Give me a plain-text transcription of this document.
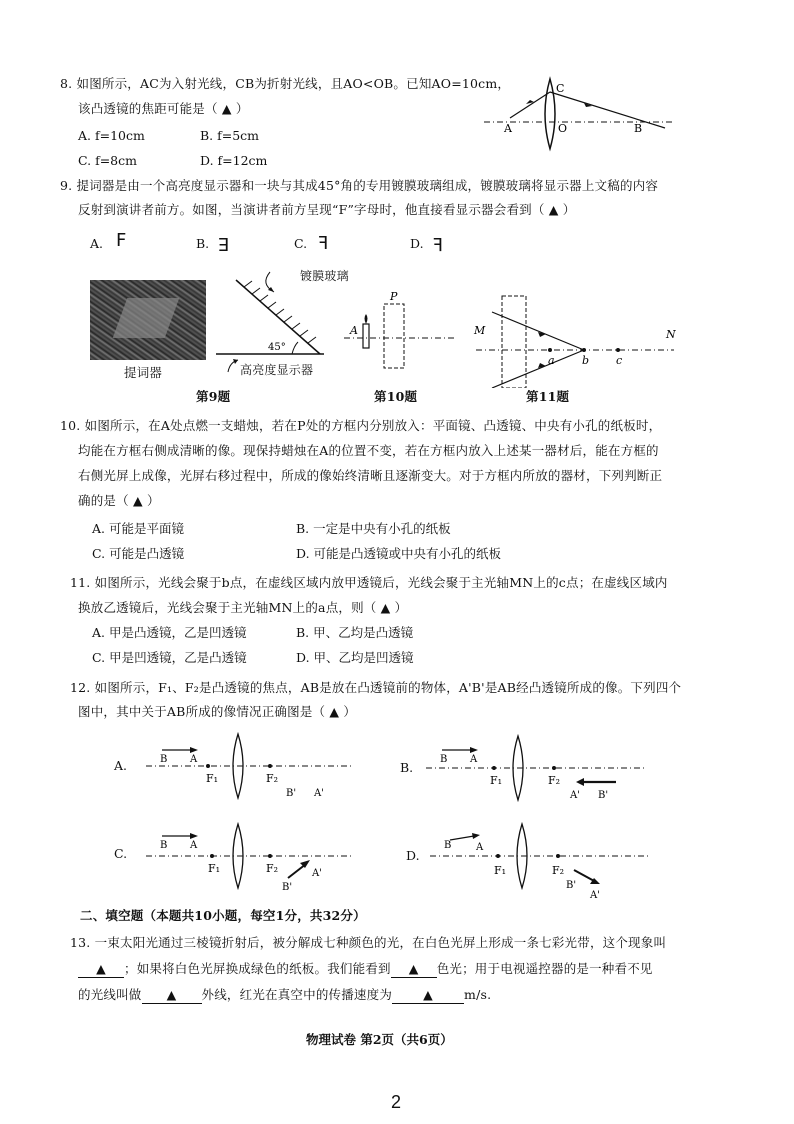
8. 如图所示，AC为入射光线，CB为折射光线，且AO<OB。已知AO=10cm，
该凸透镜的焦距可能是（ ▲ ）
A. f=10cm	B. f=5cm
C. f=8cm	D. f=12cm
A
C
O	B
9. 提词器是由一个高亮度显示器和一块与其成45°角的专用镀膜玻璃组成，镀膜玻璃将显示器上文稿的内容
反射到演讲者前方。如图，当演讲者前方呈现“F”字母时，他直接看显示器会看到（ ▲ ）
A. F	B. E	C. F	D. Ⅎ
提词器
45°
镀膜玻璃
高亮度显示器
第9题
A
P
第10题
M	N
a b c
第11题
10. 如图所示，在A处点燃一支蜡烛，若在P处的方框内分别放入：平面镜、凸透镜、中央有小孔的纸板时，
均能在方框右侧成清晰的像。现保持蜡烛在A的位置不变，若在方框内放入上述某一器材后，能在方框的
右侧光屏上成像，光屏右移过程中，所成的像始终清晰且逐渐变大。对于方框内所放的器材，下列判断正
确的是（ ▲ ）
A. 可能是平面镜	B. 一定是中央有小孔的纸板
C. 可能是凸透镜	D. 可能是凸透镜或中央有小孔的纸板
11. 如图所示，光线会聚于b点，在虚线区域内放甲透镜后，光线会聚于主光轴MN上的c点；在虚线区域内
换放乙透镜后，光线会聚于主光轴MN上的a点，则（ ▲ ）
A. 甲是凸透镜，乙是凹透镜	B. 甲、乙均是凸透镜
C. 甲是凹透镜，乙是凸透镜	D. 甲、乙均是凹透镜
12. 如图所示，F₁、F₂是凸透镜的焦点，AB是放在凸透镜前的物体，A'B'是AB经凸透镜所成的像。下列四个
图中，其中关于AB所成的像情况正确图是（ ▲ ）
A.	B A
F₁	F₂
B' A'
B.
B A
F₁	F₂
A' B'
C.
B A
F₁	F₂
B'
A'
D.
B A
F₁	F₂
B'
A'
二、填空题（本题共10小题，每空1分，共32分）
13. 一束太阳光通过三棱镜折射后，被分解成七种颜色的光，在白色光屏上形成一条七彩光带，这个现象叫
▲ ；如果将白色光屏换成绿色的纸板。我们能看到 ▲ 色光；用于电视遥控器的是一种看不见
的光线叫做 ▲ 外线，红光在真空中的传播速度为 ▲ m/s.
物理试卷 第2页（共6页）
2
